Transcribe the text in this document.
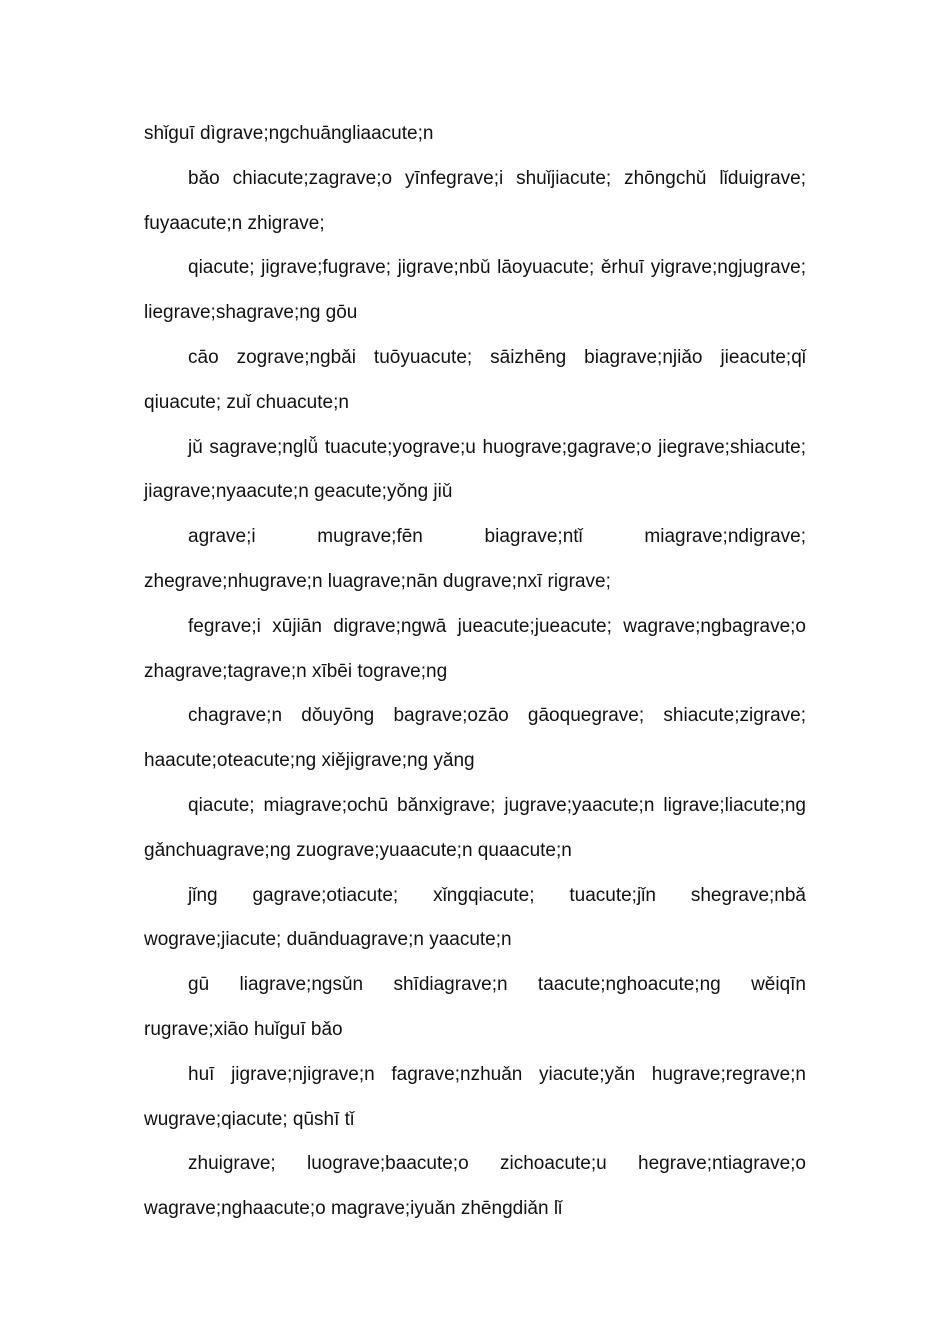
shǐguī dìgrave;ngchuāngliaacute;n

bǎo chiacute;zagrave;o yīnfegrave;i shuǐjiacute; zhōngchǔ lǐduigrave; fuyaacute;n zhigrave;

qiacute; jigrave;fugrave; jigrave;nbǔ lāoyuacute; ěrhuī yigrave;ngjugrave; liegrave;shagrave;ng gōu

cāo zograve;ngbǎi tuōyuacute; sāizhēng biagrave;njiǎo jieacute;qǐ qiuacute; zuǐ chuacute;n

jǔ sagrave;nglǚ tuacute;yograve;u huograve;gagrave;o jiegrave;shiacute; jiagrave;nyaacute;n geacute;yǒng jiǔ

agrave;i mugrave;fēn biagrave;ntǐ miagrave;ndigrave; zhegrave;nhugrave;n luagrave;nān dugrave;nxī rigrave;

fegrave;i xūjiān digrave;ngwā jueacute;jueacute; wagrave;ngbagrave;o zhagrave;tagrave;n xībēi tograve;ng

chagrave;n dǒuyōng bagrave;ozāo gāoquegrave; shiacute;zigrave; haacute;oteacute;ng xiějigrave;ng yǎng

qiacute; miagrave;ochū bǎnxigrave; jugrave;yaacute;n ligrave;liacute;ng gǎnchuagrave;ng zuograve;yuaacute;n quaacute;n

jǐng gagrave;otiacute; xǐngqiacute; tuacute;jǐn shegrave;nbǎ wograve;jiacute; duānduagrave;n yaacute;n

gū liagrave;ngsǔn shīdiagrave;n taacute;nghoacute;ng wěiqīn rugrave;xiāo huǐguī bǎo

huī jigrave;njigrave;n fagrave;nzhuǎn yiacute;yǎn hugrave;regrave;n wugrave;qiacute; qūshī tǐ

zhuigrave; luograve;baacute;o zichoacute;u hegrave;ntiagrave;o wagrave;nghaacute;o magrave;iyuǎn zhēngdiǎn lǐ
